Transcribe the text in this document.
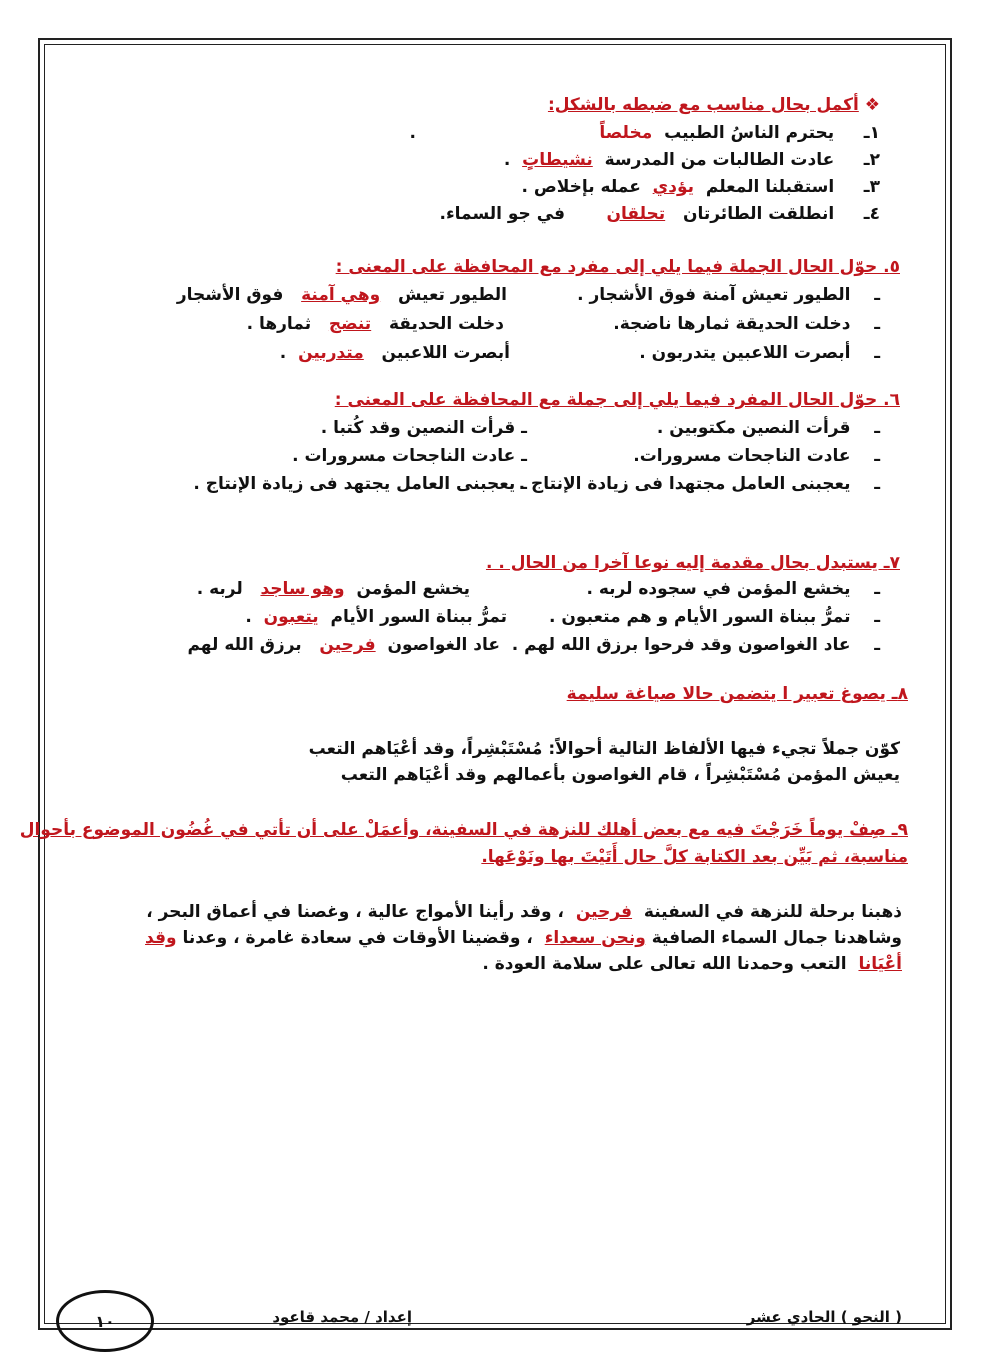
❖ أكمل بحال مناسب مع ضبطه بالشكل:
١ـ     يحترم الناسُ الطبيب  مخلصاً                               .
٢ـ     عادت الطالبات من المدرسة  نشيطاتٍ  .
٣ـ     استقبلنا المعلم  يؤدي  عمله بإخلاص .
٤ـ     انطلقت الطائرتان   تحلقان       في جو السماء.
٥. حوّل الحال الجملة فيما يلي إلى مفرد مع المحافظة على المعنى :
ـ    الطيور تعيش آمنة فوق الأشجار .
الطيور تعيش   وهي آمنة   فوق الأشجار
ـ    دخلت الحديقة ثمارها ناضجة.
دخلت الحديقة   تنضج   ثمارها .
ـ    أبصرت اللاعبين يتدربون .
أبصرت اللاعبين   متدربين  .
٦. حوّل الحال المفرد فيما يلي إلى جملة مع المحافظة على المعنى :
ـ    قرأت النصين مكتوبين .
ـ قرأت النصين وقد كُتبا .
ـ    عادت الناجحات مسرورات.
ـ عادت الناجحات مسرورات .
ـ    يعجبنى العامل مجتهدا فى زيادة الإنتاج .
ـ يعجبنى العامل يجتهد فى زيادة الإنتاج .
٧ـ يستبدل بحال مقدمة إليه نوعا آخرا من الحال . .
ـ    يخشع المؤمن في سجوده لربه .
يخشع المؤمن  وهو ساجد   لربه .
ـ    تمرُّ ببناة السور الأيام و هم متعبون .
تمرُّ ببناة السور الأيام  يتعبون  .
ـ    عاد الغواصون وقد فرحوا برزق الله لهم .
عاد الغواصون  فرحين   برزق الله لهم
٨ـ يصوغ تعبير ا يتضمن حالا صياغة سليمة
كوّن جملاً تجيء فيها الألفاظ التالية أحوالاً: مُسْتَبْشِراً، وقد أعْيَاهم التعب
يعيش المؤمن مُسْتَبْشِراً ، قام الغواصون بأعمالهم وقد أعْيَاهم التعب
٩ـ صِفْ يوماً خَرَجْتَ فيه مع بعض أهلك للنزهة في السفينة، وأعمَلْ على أن تأتي في غُضُون الموضوع بأحوال
مناسبة، ثم بَيِّن بعد الكتابة كلَّ حال أَتَيْتَ بها ونَوْعَها.
ذهبنا برحلة للنزهة في السفينة  فرحين  ، وقد رأينا الأمواج عالية ، وغصنا في أعماق البحر ، وشاهدنا جمال السماء الصافية ونحن سعداء  ، وقضينا الأوقات في سعادة غامرة ، وعدنا وقد أعْيَانا  التعب وحمدنا الله تعالى على سلامة العودة .
( النحو ) الحادي عشر
إعداد / محمد قاعود
١٠
